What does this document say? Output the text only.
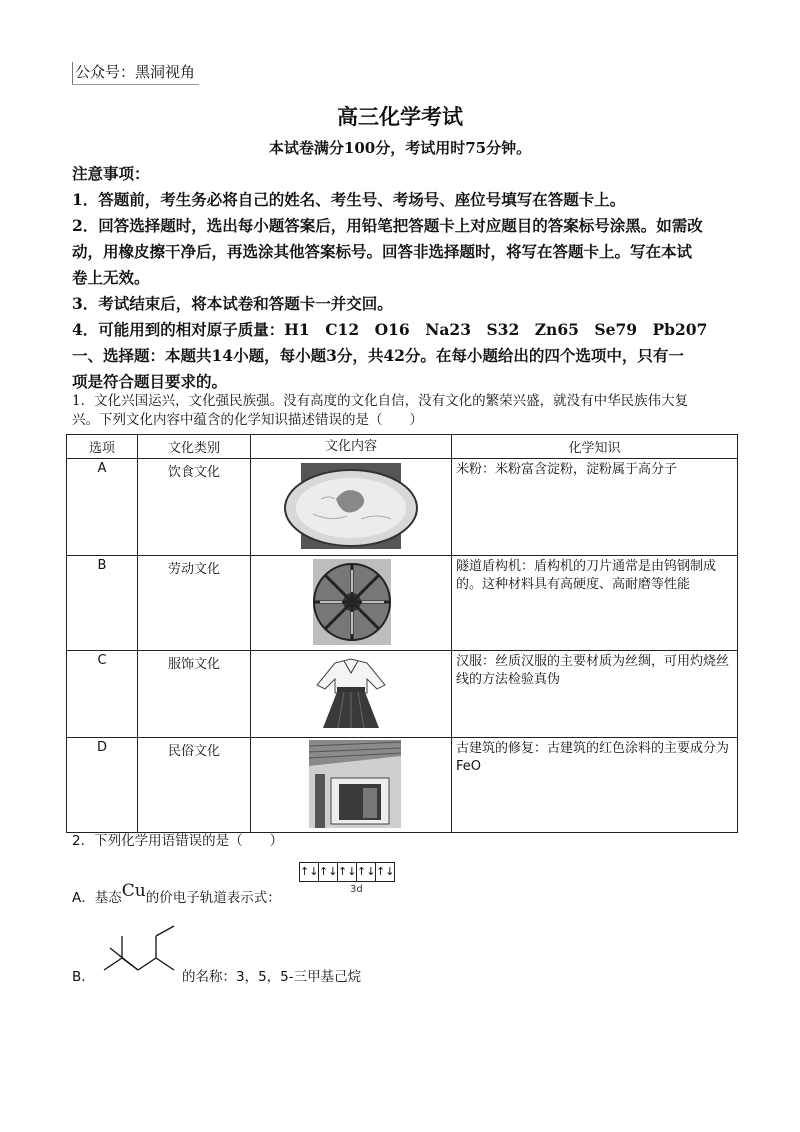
公众号：黑洞视角
高三化学考试
本试卷满分100分，考试用时75分钟。
注意事项：
1．答题前，考生务必将自己的姓名、考生号、考场号、座位号填写在答题卡上。
2．回答选择题时，选出每小题答案后，用铅笔把答题卡上对应题目的答案标号涂黑。如需改
动，用橡皮擦干净后，再选涂其他答案标号。回答非选择题时，将写在答题卡上。写在本试
卷上无效。
3．考试结束后，将本试卷和答题卡一并交回。
4．可能用到的相对原子质量：H1　C12　O16　Na23　S32　Zn65　Se79　Pb207
一、选择题：本题共14小题，每小题3分，共42分。在每小题给出的四个选项中，只有一
项是符合题目要求的。
1．文化兴国运兴，文化强民族强。没有高度的文化自信，没有文化的繁荣兴盛，就没有中华民族伟大复
兴。下列文化内容中蕴含的化学知识描述错误的是（　　）
选项	文化类别	文化内容	化学知识
A	饮食文化		米粉：米粉富含淀粉，淀粉属于高分子
B	劳动文化		隧道盾构机：盾构机的刀片通常是由钨钢制成的。这种材料具有高硬度、高耐磨等性能
C	服饰文化		汉服：丝质汉服的主要材质为丝绸，可用灼烧丝线的方法检验真伪
D	民俗文化		古建筑的修复：古建筑的红色涂料的主要成分为FeO
2．下列化学用语错误的是（　　）
A．基态Cu的价电子轨道表示式：
↑↓ ↑↓ ↑↓ ↑↓ ↑↓
3d
B．	的名称：3，5，5-三甲基己烷
